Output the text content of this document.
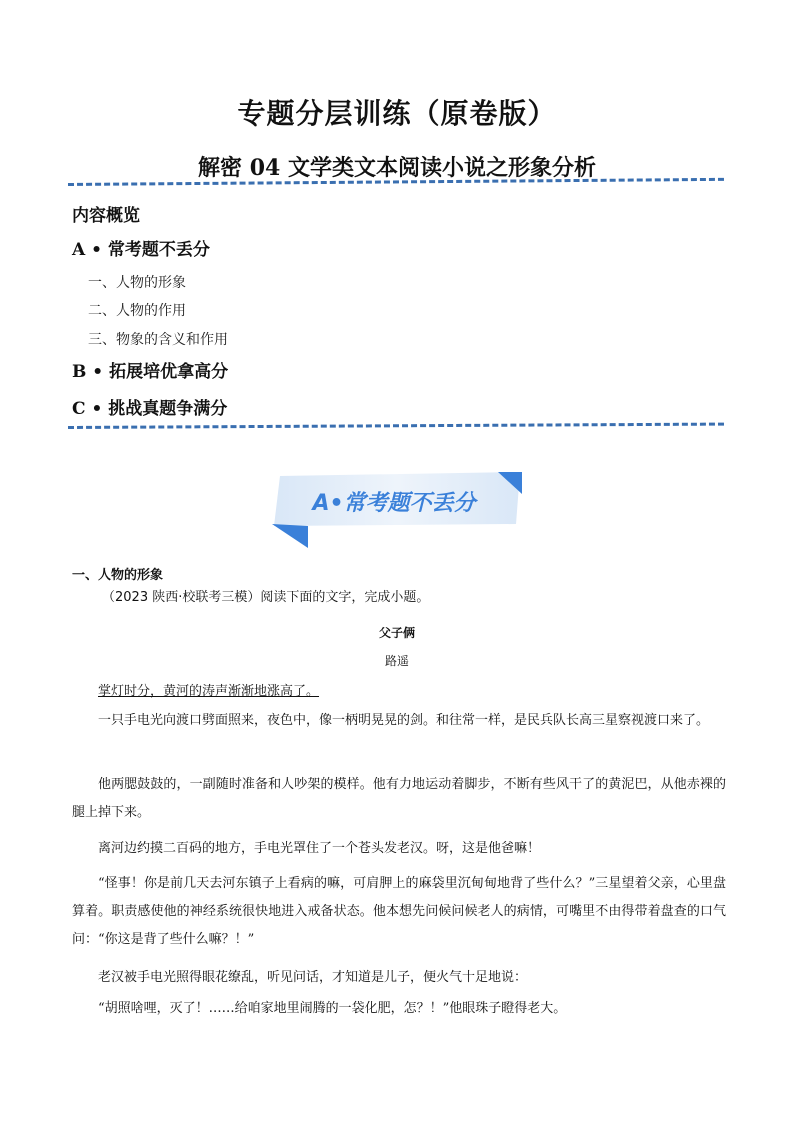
专题分层训练（原卷版）
解密 04 文学类文本阅读小说之形象分析
内容概览
A • 常考题不丢分
一、人物的形象
二、人物的作用
三、物象的含义和作用
B • 拓展培优拿高分
C • 挑战真题争满分
A•常考题不丢分
一、人物的形象
（2023 陕西·校联考三模）阅读下面的文字，完成小题。
父子俩
路遥

掌灯时分，黄河的涛声渐渐地涨高了。

一只手电光向渡口劈面照来，夜色中，像一柄明晃晃的剑。和往常一样，是民兵队长高三星察视渡口来了。

他两腮鼓鼓的，一副随时准备和人吵架的模样。他有力地运动着脚步，不断有些风干了的黄泥巴，从他赤裸的腿上掉下来。

离河边约摸二百码的地方，手电光罩住了一个苍头发老汉。呀，这是他爸嘛！

“怪事！你是前几天去河东镇子上看病的嘛，可肩胛上的麻袋里沉甸甸地背了些什么？”三星望着父亲，心里盘算着。职责感使他的神经系统很快地进入戒备状态。他本想先问候问候老人的病情，可嘴里不由得带着盘查的口气问：“你这是背了些什么嘛？！”

老汉被手电光照得眼花缭乱，听见问话，才知道是儿子，便火气十足地说：

“胡照啥哩，灭了！……给咱家地里闹腾的一袋化肥，怎？！”他眼珠子瞪得老大。
